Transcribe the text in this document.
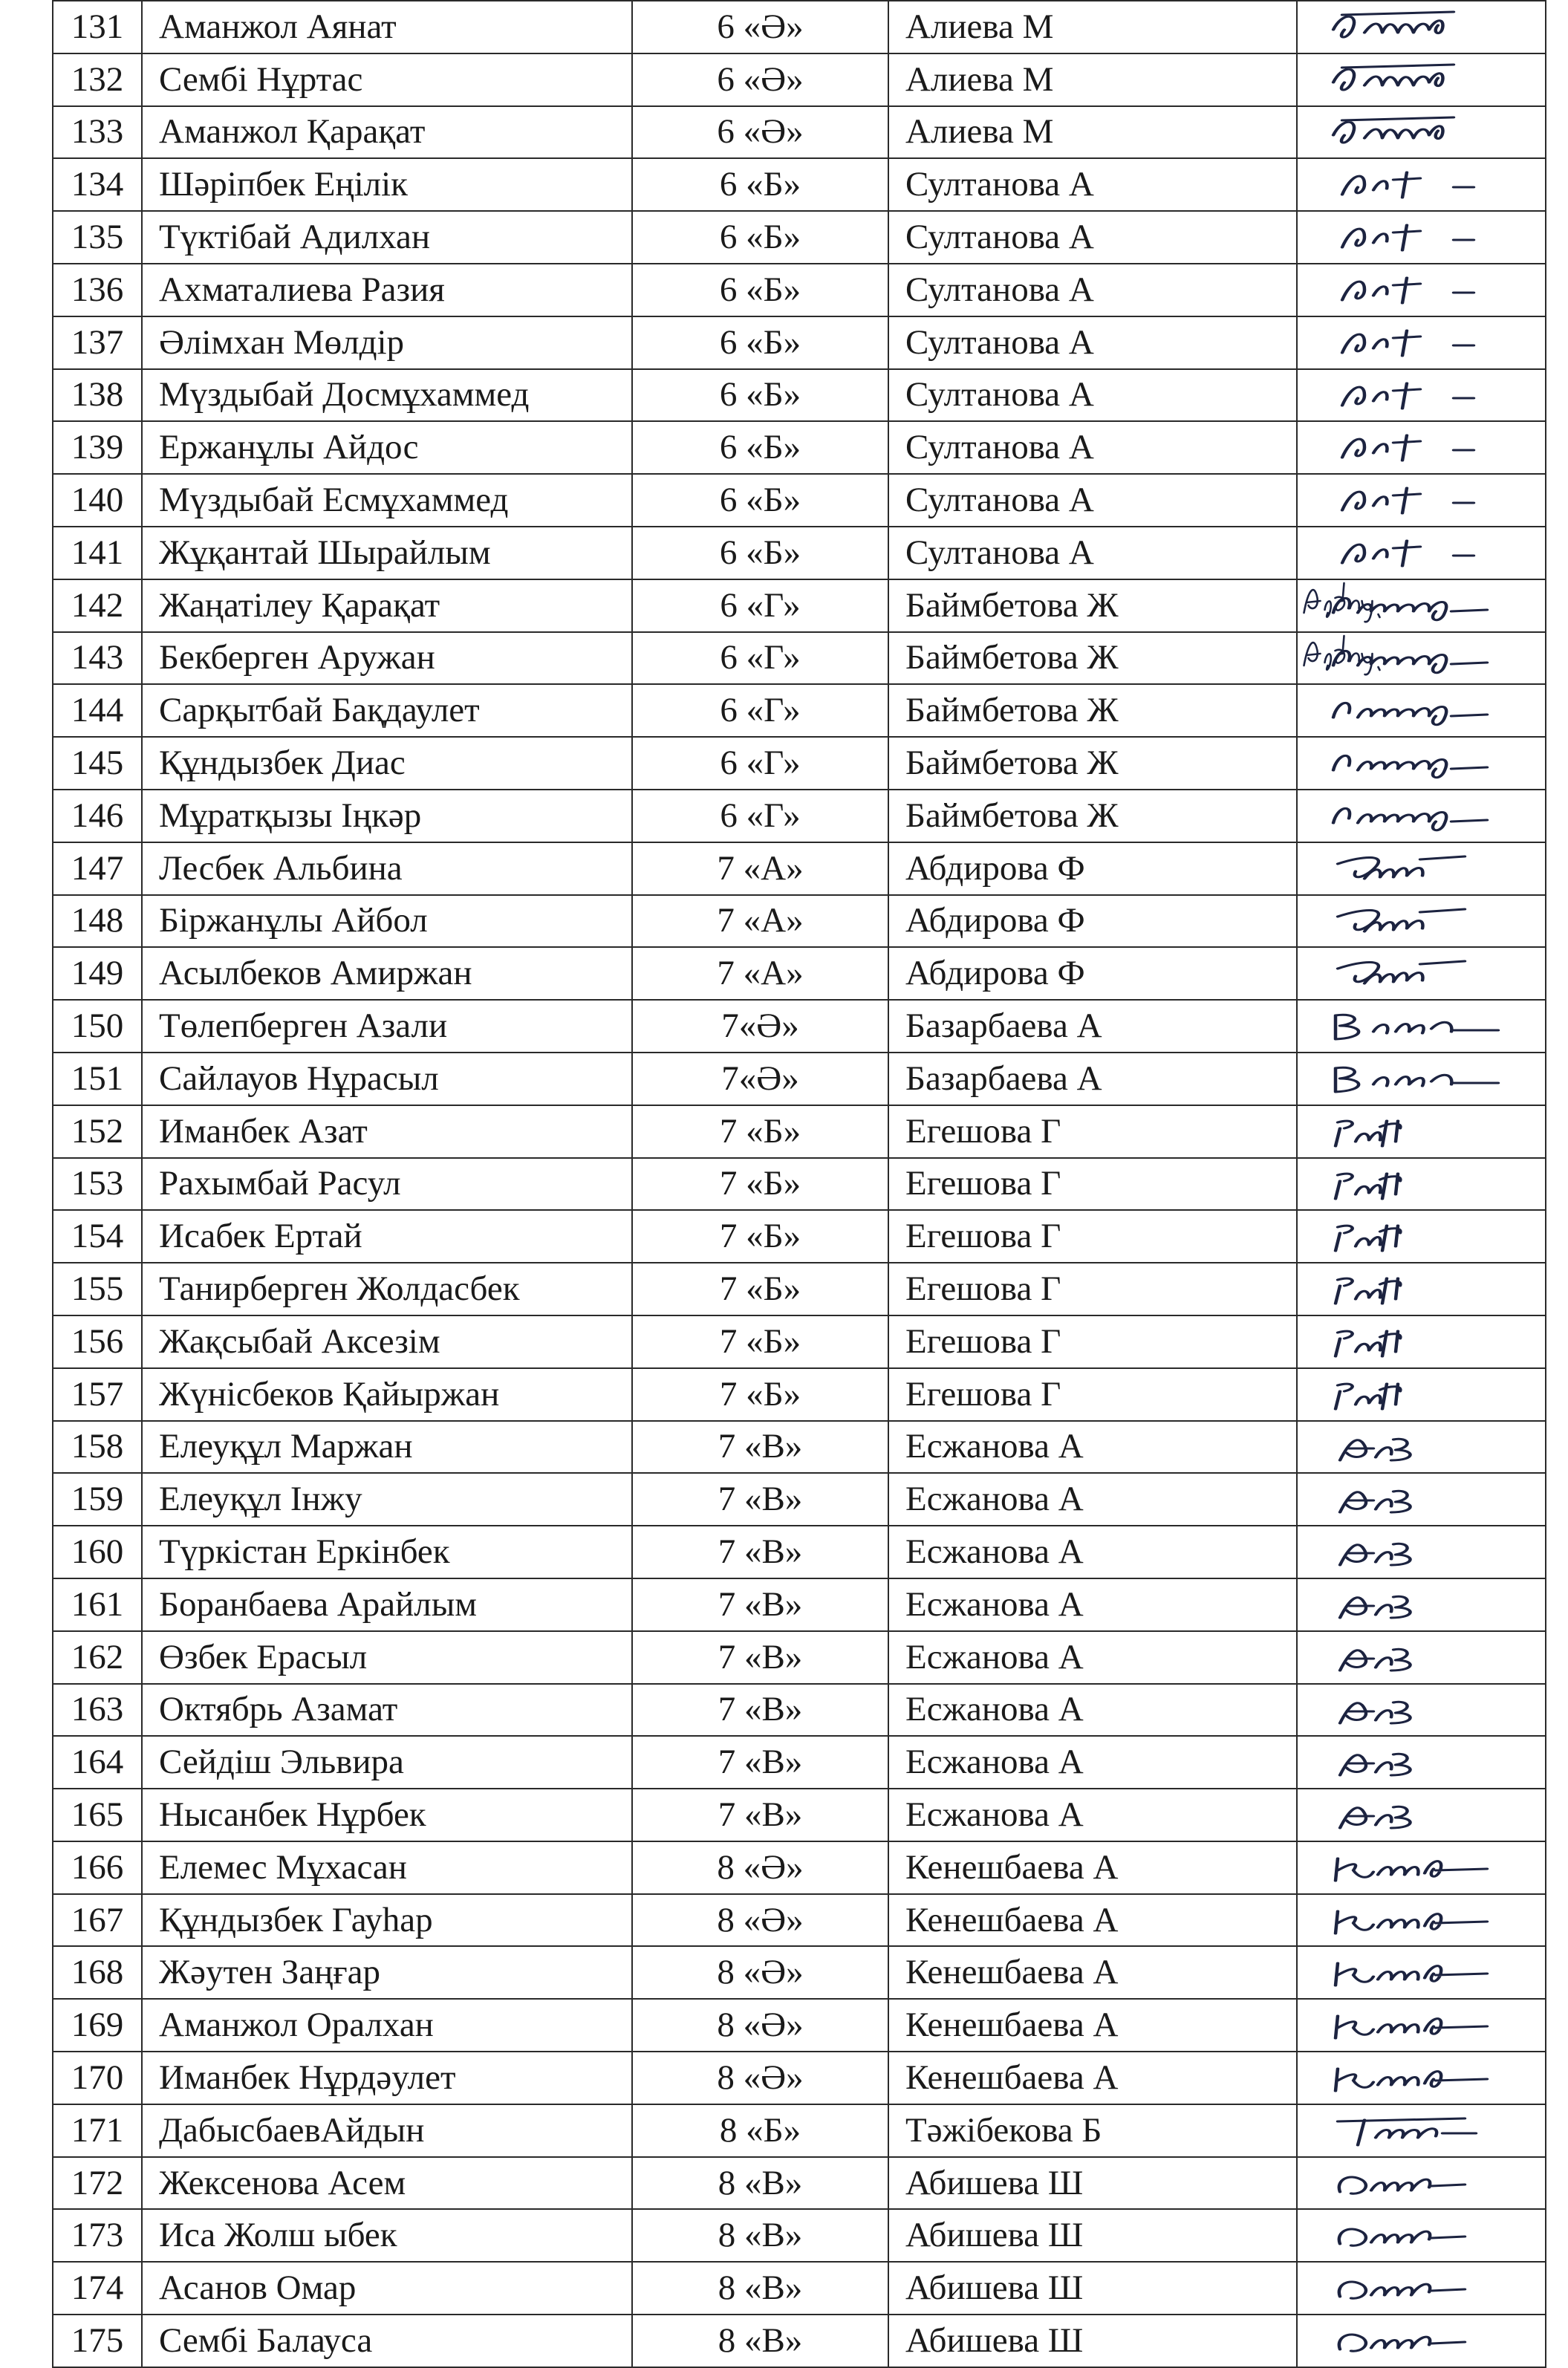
131	Аманжол Аянат	6 «Ә»	Алиева М	

132	Сембі Нұртас	6 «Ә»	Алиева М	

133	Аманжол Қарақат	6 «Ә»	Алиева М	

134	Шәріпбек Еңілік	6 «Б»	Султанова А	

135	Түктібай Адилхан	6 «Б»	Султанова А	

136	Ахматалиева Разия	6 «Б»	Султанова А	

137	Әлімхан Мөлдір	6 «Б»	Султанова А	

138	Мүздыбай Досмұхаммед	6 «Б»	Султанова А	

139	Ержанұлы Айдос	6 «Б»	Султанова А	

140	Мүздыбай Есмұхаммед	6 «Б»	Султанова А	

141	Жұқантай Шырайлым	6 «Б»	Султанова А	

142	Жаңатілеу Қарақат	6 «Г»	Баймбетова Ж

143	Бекберген Аружан	6 «Г»	Баймбетова Ж

144	Сарқытбай Бақдаулет	6 «Г»	Баймбетова Ж	

145	Құндызбек Диас	6 «Г»	Баймбетова Ж	

146	Мұратқызы Іңкәр	6 «Г»	Баймбетова Ж	

147	Лесбек Альбина	7 «А»	Абдирова Ф	

148	Біржанұлы Айбол	7 «А»	Абдирова Ф	

149	Асылбеков Амиржан	7 «А»	Абдирова Ф	

150	Төлепберген Азали	7«Ә»	Базарбаева А	

151	Сайлауов Нұрасыл	7«Ә»	Базарбаева А	

152	Иманбек Азат	7 «Б»	Егешова Г	

153	Рахымбай Расул	7 «Б»	Егешова Г	

154	Исабек Ертай	7 «Б»	Егешова Г	

155	Танирберген Жолдасбек	7 «Б»	Егешова Г	

156	Жақсыбай Аксезім	7 «Б»	Егешова Г	

157	Жүнісбеков Қайыржан	7 «Б»	Егешова Г	

158	Елеуқұл Маржан	7 «В»	Есжанова А	

159	Елеуқұл Інжу	7 «В»	Есжанова А	

160	Түркістан Еркінбек	7 «В»	Есжанова А	

161	Боранбаева Арайлым	7 «В»	Есжанова А	

162	Өзбек Ерасыл	7 «В»	Есжанова А	

163	Октябрь Азамат	7 «В»	Есжанова А	

164	Сейдіш Эльвира	7 «В»	Есжанова А	

165	Нысанбек Нұрбек	7 «В»	Есжанова А	

166	Елемес Мұхасан	8 «Ә»	Кенешбаева А	

167	Құндызбек Гауһар	8 «Ә»	Кенешбаева А	

168	Жәутен Заңғар	8 «Ә»	Кенешбаева А	

169	Аманжол Оралхан	8 «Ә»	Кенешбаева А	

170	Иманбек Нұрдәулет	8 «Ә»	Кенешбаева А	

171	ДабысбаевАйдын	8 «Б»	Тәжібекова Б	

172	Жексенова Асем	8 «В»	Абишева Ш	

173	Иса Жолш ыбек	8 «В»	Абишева Ш	

174	Асанов Омар	8 «В»	Абишева Ш	

175	Сембі Балауса	8 «В»	Абишева Ш	
